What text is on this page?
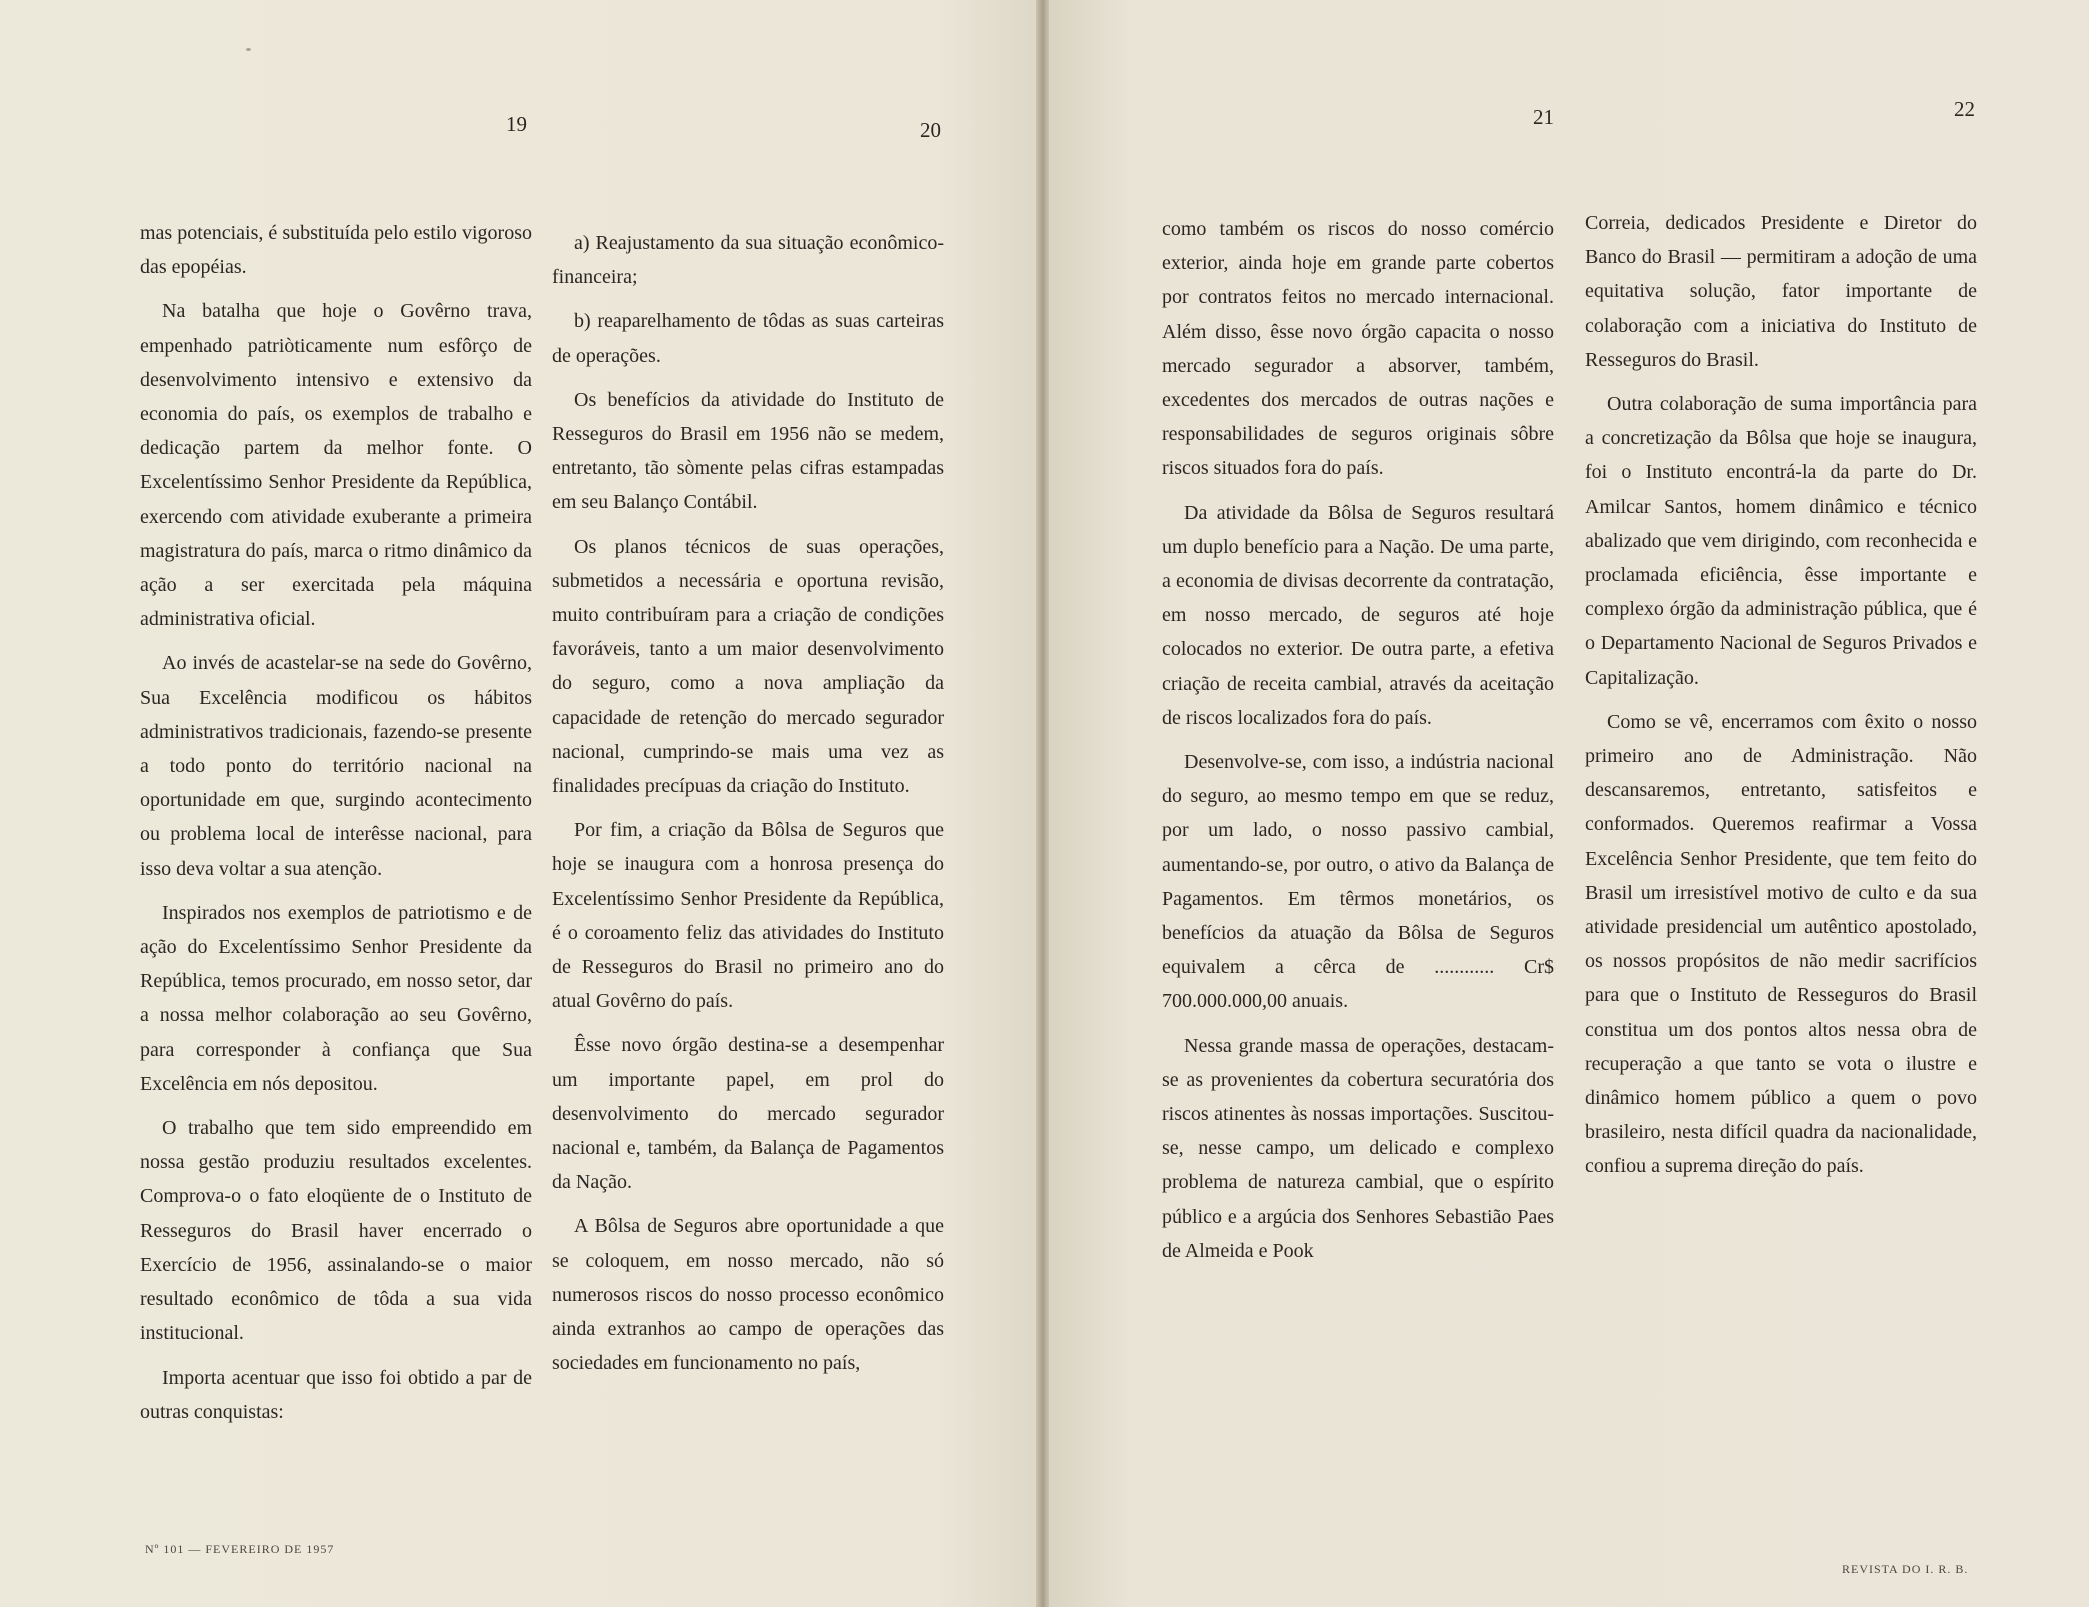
19	20

mas potenciais, é substituída pelo estilo vigoroso das epopéias.

Na batalha que hoje o Govêrno trava, empenhado patriòticamente num esfôrço de desenvolvimento intensivo e extensivo da economia do país, os exemplos de trabalho e dedicação partem da melhor fonte. O Excelentíssimo Senhor Presidente da República, exercendo com atividade exuberante a primeira magistratura do país, marca o ritmo dinâmico da ação a ser exercitada pela máquina administrativa oficial.

Ao invés de acastelar-se na sede do Govêrno, Sua Excelência modificou os hábitos administrativos tradicionais, fazendo-se presente a todo ponto do território nacional na oportunidade em que, surgindo acontecimento ou problema local de interêsse nacional, para isso deva voltar a sua atenção.

Inspirados nos exemplos de patriotismo e de ação do Excelentíssimo Senhor Presidente da República, temos procurado, em nosso setor, dar a nossa melhor colaboração ao seu Govêrno, para corresponder à confiança que Sua Excelência em nós depositou.

O trabalho que tem sido empreendido em nossa gestão produziu resultados excelentes. Comprova-o o fato eloqüente de o Instituto de Resseguros do Brasil haver encerrado o Exercício de 1956, assinalando-se o maior resultado econômico de tôda a sua vida institucional.

Importa acentuar que isso foi obtido a par de outras conquistas:

a) Reajustamento da sua situação econômico-financeira;

b) reaparelhamento de tôdas as suas carteiras de operações.

Os benefícios da atividade do Instituto de Resseguros do Brasil em 1956 não se medem, entretanto, tão sòmente pelas cifras estampadas em seu Balanço Contábil.

Os planos técnicos de suas operações, submetidos a necessária e oportuna revisão, muito contribuíram para a criação de condições favoráveis, tanto a um maior desenvolvimento do seguro, como a nova ampliação da capacidade de retenção do mercado segurador nacional, cumprindo-se mais uma vez as finalidades precípuas da criação do Instituto.

Por fim, a criação da Bôlsa de Seguros que hoje se inaugura com a honrosa presença do Excelentíssimo Senhor Presidente da República, é o coroamento feliz das atividades do Instituto de Resseguros do Brasil no primeiro ano do atual Govêrno do país.

Êsse novo órgão destina-se a desempenhar um importante papel, em prol do desenvolvimento do mercado segurador nacional e, também, da Balança de Pagamentos da Nação.

A Bôlsa de Seguros abre oportunidade a que se coloquem, em nosso mercado, não só numerosos riscos do nosso processo econômico ainda extranhos ao campo de operações das sociedades em funcionamento no país,

Nº 101 — FEVEREIRO DE 1957
21	22

como também os riscos do nosso comércio exterior, ainda hoje em grande parte cobertos por contratos feitos no mercado internacional. Além disso, êsse novo órgão capacita o nosso mercado segurador a absorver, também, excedentes dos mercados de outras nações e responsabilidades de seguros originais sôbre riscos situados fora do país.

Da atividade da Bôlsa de Seguros resultará um duplo benefício para a Nação. De uma parte, a economia de divisas decorrente da contratação, em nosso mercado, de seguros até hoje colocados no exterior. De outra parte, a efetiva criação de receita cambial, através da aceitação de riscos localizados fora do país.

Desenvolve-se, com isso, a indústria nacional do seguro, ao mesmo tempo em que se reduz, por um lado, o nosso passivo cambial, aumentando-se, por outro, o ativo da Balança de Pagamentos. Em têrmos monetários, os benefícios da atuação da Bôlsa de Seguros equivalem a cêrca de ............ Cr$ 700.000.000,00 anuais.

Nessa grande massa de operações, destacam-se as provenientes da cobertura securatória dos riscos atinentes às nossas importações. Suscitou-se, nesse campo, um delicado e complexo problema de natureza cambial, que o espírito público e a argúcia dos Senhores Sebastião Paes de Almeida e Pook

Correia, dedicados Presidente e Diretor do Banco do Brasil — permitiram a adoção de uma equitativa solução, fator importante de colaboração com a iniciativa do Instituto de Resseguros do Brasil.

Outra colaboração de suma importância para a concretização da Bôlsa que hoje se inaugura, foi o Instituto encontrá-la da parte do Dr. Amilcar Santos, homem dinâmico e técnico abalizado que vem dirigindo, com reconhecida e proclamada eficiência, êsse importante e complexo órgão da administração pública, que é o Departamento Nacional de Seguros Privados e Capitalização.

Como se vê, encerramos com êxito o nosso primeiro ano de Administração. Não descansaremos, entretanto, satisfeitos e conformados. Queremos reafirmar a Vossa Excelência Senhor Presidente, que tem feito do Brasil um irresistível motivo de culto e da sua atividade presidencial um autêntico apostolado, os nossos propósitos de não medir sacrifícios para que o Instituto de Resseguros do Brasil constitua um dos pontos altos nessa obra de recuperação a que tanto se vota o ilustre e dinâmico homem público a quem o povo brasileiro, nesta difícil quadra da nacionalidade, confiou a suprema direção do país.

REVISTA DO I. R. B.
